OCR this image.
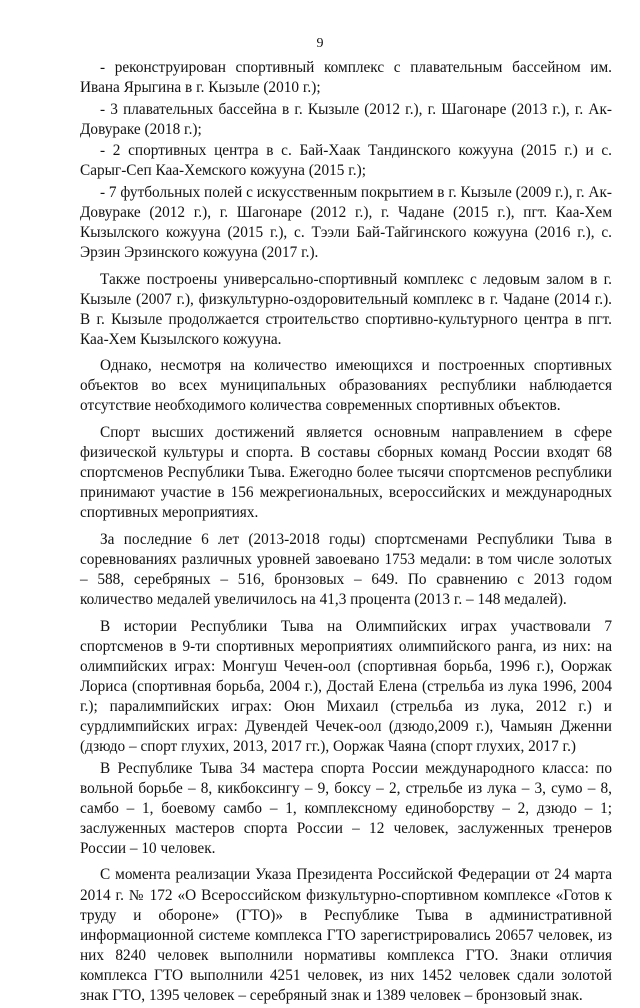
9

- реконструирован спортивный комплекс с плавательным бассейном им. Ивана Ярыгина в г. Кызыле (2010 г.);

- 3 плавательных бассейна в г. Кызыле (2012 г.), г. Шагонаре (2013 г.), г. Ак-Довураке (2018 г.);

- 2 спортивных центра в с. Бай-Хаак Тандинского кожууна (2015 г.) и с. Сарыг-Сеп Каа-Хемского кожууна (2015 г.);

- 7 футбольных полей с искусственным покрытием в г. Кызыле (2009 г.), г. Ак-Довураке (2012 г.), г. Шагонаре (2012 г.), г. Чадане (2015 г.), пгт. Каа-Хем Кызылского кожууна (2015 г.), с. Тээли Бай-Тайгинского кожууна (2016 г.), с. Эрзин Эрзинского кожууна (2017 г.).

Также построены универсально-спортивный комплекс с ледовым залом в г. Кызыле (2007 г.), физкультурно-оздоровительный комплекс в г. Чадане (2014 г.). В г. Кызыле продолжается строительство спортивно-культурного центра в пгт. Каа-Хем Кызылского кожууна.

Однако, несмотря на количество имеющихся и построенных спортивных объектов во всех муниципальных образованиях республики наблюдается отсутствие необходимого количества современных спортивных объектов.

Спорт высших достижений является основным направлением в сфере физической культуры и спорта. В составы сборных команд России входят 68 спортсменов Республики Тыва. Ежегодно более тысячи спортсменов республики принимают участие в 156 межрегиональных, всероссийских и международных спортивных мероприятиях.

За последние 6 лет (2013-2018 годы) спортсменами Республики Тыва в соревнованиях различных уровней завоевано 1753 медали: в том числе золотых – 588, серебряных – 516, бронзовых – 649. По сравнению с 2013 годом количество медалей увеличилось на 41,3 процента (2013 г. – 148 медалей).

В истории Республики Тыва на Олимпийских играх участвовали 7 спортсменов в 9-ти спортивных мероприятиях олимпийского ранга, из них: на олимпийских играх: Монгуш Чечен-оол (спортивная борьба, 1996 г.), Ооржак Лориса (спортивная борьба, 2004 г.), Достай Елена (стрельба из лука 1996, 2004 г.); паралимпийских играх: Оюн Михаил (стрельба из лука, 2012 г.) и сурдлимпийских играх: Дувендей Чечек-оол (дзюдо,2009 г.), Чамыян Дженни (дзюдо – спорт глухих, 2013, 2017 гг.), Ооржак Чаяна (спорт глухих, 2017 г.)

В Республике Тыва 34 мастера спорта России международного класса: по вольной борьбе – 8, кикбоксингу – 9, боксу – 2, стрельбе из лука – 3, сумо – 8, самбо – 1, боевому самбо – 1, комплексному единоборству – 2, дзюдо – 1; заслуженных мастеров спорта России – 12 человек, заслуженных тренеров России – 10 человек.

С момента реализации Указа Президента Российской Федерации от 24 марта 2014 г. № 172 «О Всероссийском физкультурно-спортивном комплексе «Готов к труду и обороне» (ГТО)» в Республике Тыва в административной информационной системе комплекса ГТО зарегистрировались 20657 человек, из них 8240 человек выполнили нормативы комплекса ГТО. Знаки отличия комплекса ГТО выполнили 4251 человек, из них 1452 человек сдали золотой знак ГТО, 1395 человек – серебряный знак и 1389 человек – бронзовый знак.
